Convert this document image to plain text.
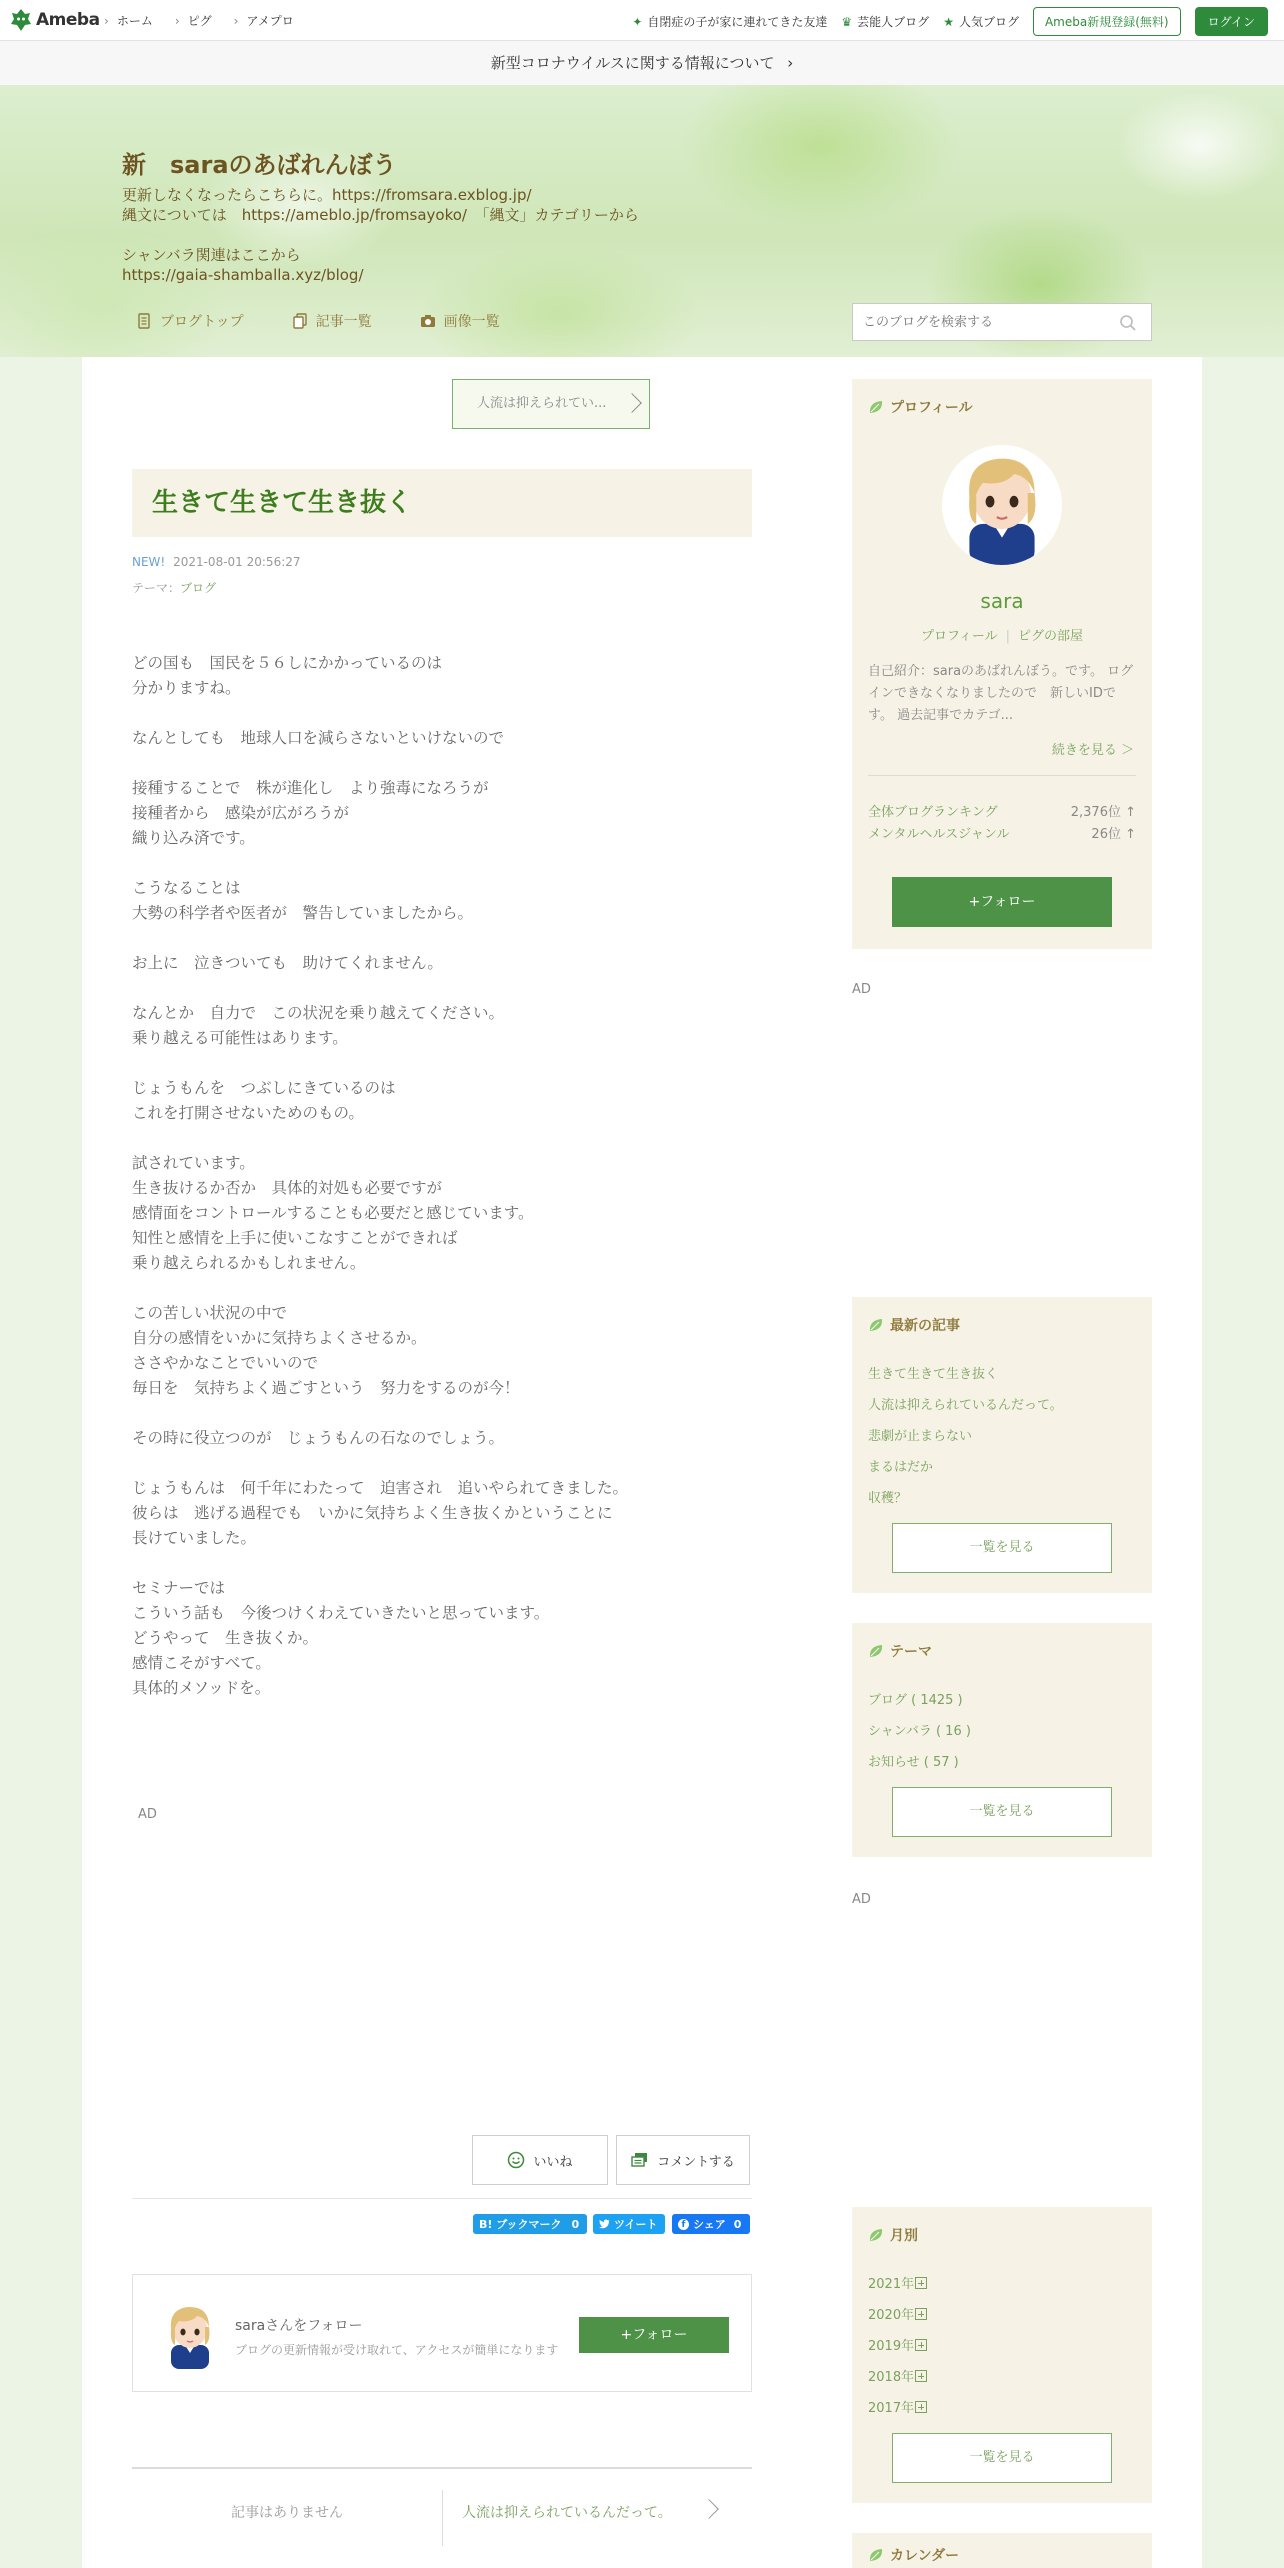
Ameba	› ホーム	› ピグ	› アメプロ	✦ 自閉症の子が家に連れてきた友達 ♛ 芸能人ブログ ★ 人気ブログ	Ameba新規登録(無料)	ログイン
新型コロナウイルスに関する情報について ›
新　saraのあばれんぼう
更新しなくなったらこちらに。https://fromsara.exblog.jp/
縄文については　https://ameblo.jp/fromsayoko/　「縄文」カテゴリーから

シャンバラ関連はここから
https://gaia-shamballa.xyz/blog/
ブログトップ	記事一覧	画像一覧
このブログを検索する
人流は抑えられてい...
生きて生きて生き抜く
NEW! 2021-08-01 20:56:27
テーマ：ブログ
どの国も　国民を５６しにかかっているのは
分かりますね。

なんとしても　地球人口を減らさないといけないので

接種することで　株が進化し　より強毒になろうが
接種者から　感染が広がろうが
織り込み済です。

こうなることは
大勢の科学者や医者が　警告していましたから。

お上に　泣きついても　助けてくれません。

なんとか　自力で　この状況を乗り越えてください。
乗り越える可能性はあります。

じょうもんを　つぶしにきているのは
これを打開させないためのもの。

試されています。
生き抜けるか否か　具体的対処も必要ですが
感情面をコントロールすることも必要だと感じています。
知性と感情を上手に使いこなすことができれば
乗り越えられるかもしれません。

この苦しい状況の中で
自分の感情をいかに気持ちよくさせるか。
ささやかなことでいいので
毎日を　気持ちよく過ごすという　努力をするのが今！

その時に役立つのが　じょうもんの石なのでしょう。

じょうもんは　何千年にわたって　迫害され　追いやられてきました。
彼らは　逃げる過程でも　いかに気持ちよく生き抜くかということに
長けていました。

セミナーでは
こういう話も　今後つけくわえていきたいと思っています。
どうやって　生き抜くか。
感情こそがすべて。
具体的メソッドを。
AD
いいね	コメントする
B! ブックマーク 0	ツイート	f シェア 0
saraさんをフォロー
ブログの更新情報が受け取れて、アクセスが簡単になります
+フォロー
記事はありません	人流は抑えられているんだって。
プロフィール
sara
プロフィール | ピグの部屋
自己紹介：saraのあばれんぼう。です。 ログインできなくなりましたので　新しいIDです。 過去記事でカテゴ...
続きを見る ＞
全体ブログランキング	2,376位 ↑
メンタルヘルスジャンル	26位 ↑
+フォロー
AD
最新の記事
生きて生きて生き抜く
人流は抑えられているんだって。
悲劇が止まらない
まるはだか
収穫？
一覧を見る
テーマ
ブログ ( 1425 )
シャンバラ ( 16 )
お知らせ ( 57 )
一覧を見る
AD
月別
2021年
2020年
2019年
2018年
2017年
一覧を見る
カレンダー
